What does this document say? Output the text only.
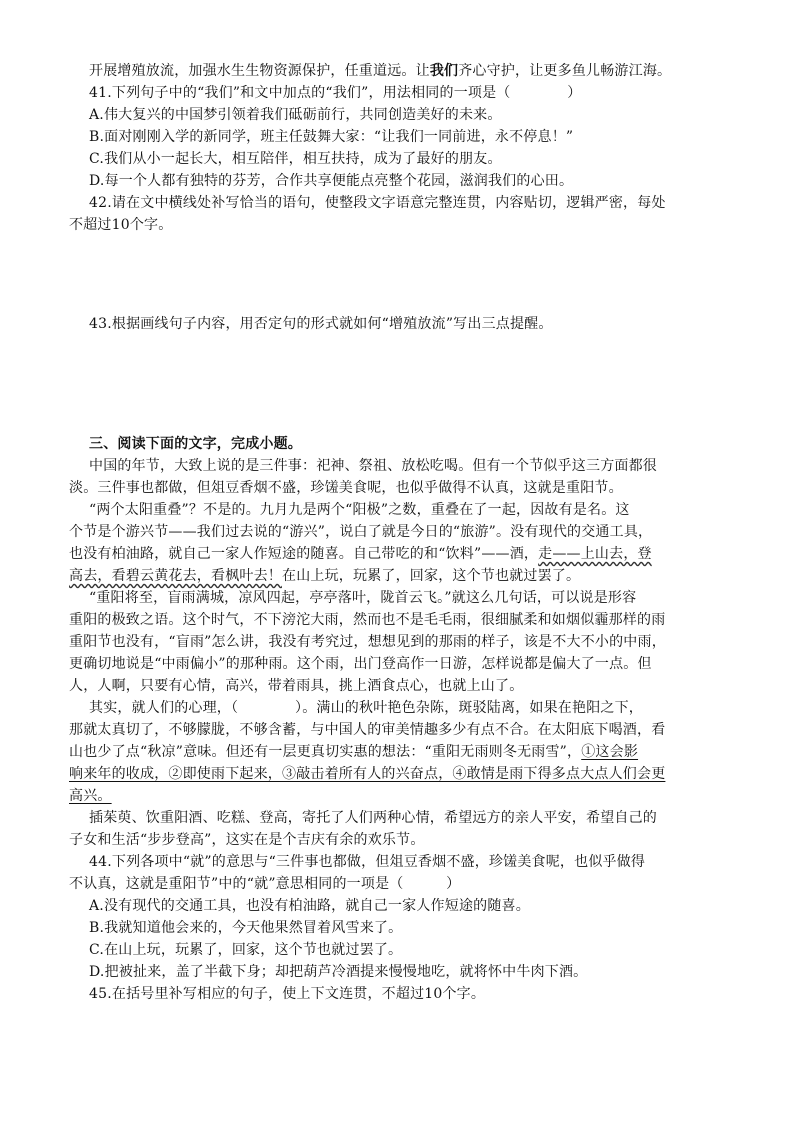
开展增殖放流，加强水生生物资源保护，任重道远。让我们齐心守护，让更多鱼儿畅游江海。
41.下列句子中的“我们”和文中加点的“我们”，用法相同的一项是（　　　　）
A.伟大复兴的中国梦引领着我们砥砺前行，共同创造美好的未来。
B.面对刚刚入学的新同学，班主任鼓舞大家：“让我们一同前进，永不停息！”
C.我们从小一起长大，相互陪伴，相互扶持，成为了最好的朋友。
D.每一个人都有独特的芬芳，合作共享便能点亮整个花园，滋润我们的心田。
42.请在文中横线处补写恰当的语句，使整段文字语意完整连贯，内容贴切，逻辑严密，每处
不超过10个字。
43.根据画线句子内容，用否定句的形式就如何“增殖放流”写出三点提醒。
三、阅读下面的文字，完成小题。
中国的年节，大致上说的是三件事：祀神、祭祖、放松吃喝。但有一个节似乎这三方面都很
淡。三件事也都做，但俎豆香烟不盛，珍馐美食呢，也似乎做得不认真，这就是重阳节。
“两个太阳重叠”？不是的。九月九是两个“阳极”之数，重叠在了一起，因故有是名。这
个节是个游兴节——我们过去说的“游兴”，说白了就是今日的“旅游”。没有现代的交通工具，
也没有柏油路，就自己一家人作短途的随喜。自己带吃的和“饮料”——酒，走——上山去，登
高去，看碧云黄花去，看枫叶去！在山上玩，玩累了，回家，这个节也就过罢了。
“重阳将至，盲雨满城，凉风四起，亭亭落叶，陇首云飞。”就这么几句话，可以说是形容
重阳的极致之语。这个时气，不下滂沱大雨，然而也不是毛毛雨，很细腻柔和如烟似霾那样的雨
重阳节也没有，“盲雨”怎么讲，我没有考究过，想想见到的那雨的样子，该是不大不小的中雨，
更确切地说是“中雨偏小”的那种雨。这个雨，出门登高作一日游，怎样说都是偏大了一点。但
人，人啊，只要有心情，高兴，带着雨具，挑上酒食点心，也就上山了。
其实，就人们的心理，（　　　　）。满山的秋叶艳色杂陈，斑驳陆离，如果在艳阳之下，
那就太真切了，不够朦胧，不够含蓄，与中国人的审美情趣多少有点不合。在太阳底下喝酒，看
山也少了点“秋凉”意味。但还有一层更真切实惠的想法：“重阳无雨则冬无雨雪”，①这会影
响来年的收成，②即使雨下起来，③敲击着所有人的兴奋点，④敢情是雨下得多点大点人们会更
高兴。
插茱萸、饮重阳酒、吃糕、登高，寄托了人们两种心情，希望远方的亲人平安，希望自己的
子女和生活“步步登高”，这实在是个吉庆有余的欢乐节。
44.下列各项中“就”的意思与“三件事也都做，但俎豆香烟不盛，珍馐美食呢，也似乎做得
不认真，这就是重阳节”中的“就”意思相同的一项是（　　　）
A.没有现代的交通工具，也没有柏油路，就自己一家人作短途的随喜。
B.我就知道他会来的，今天他果然冒着风雪来了。
C.在山上玩，玩累了，回家，这个节也就过罢了。
D.把被扯来，盖了半截下身；却把葫芦冷酒提来慢慢地吃，就将怀中牛肉下酒。
45.在括号里补写相应的句子，使上下文连贯，不超过10个字。
